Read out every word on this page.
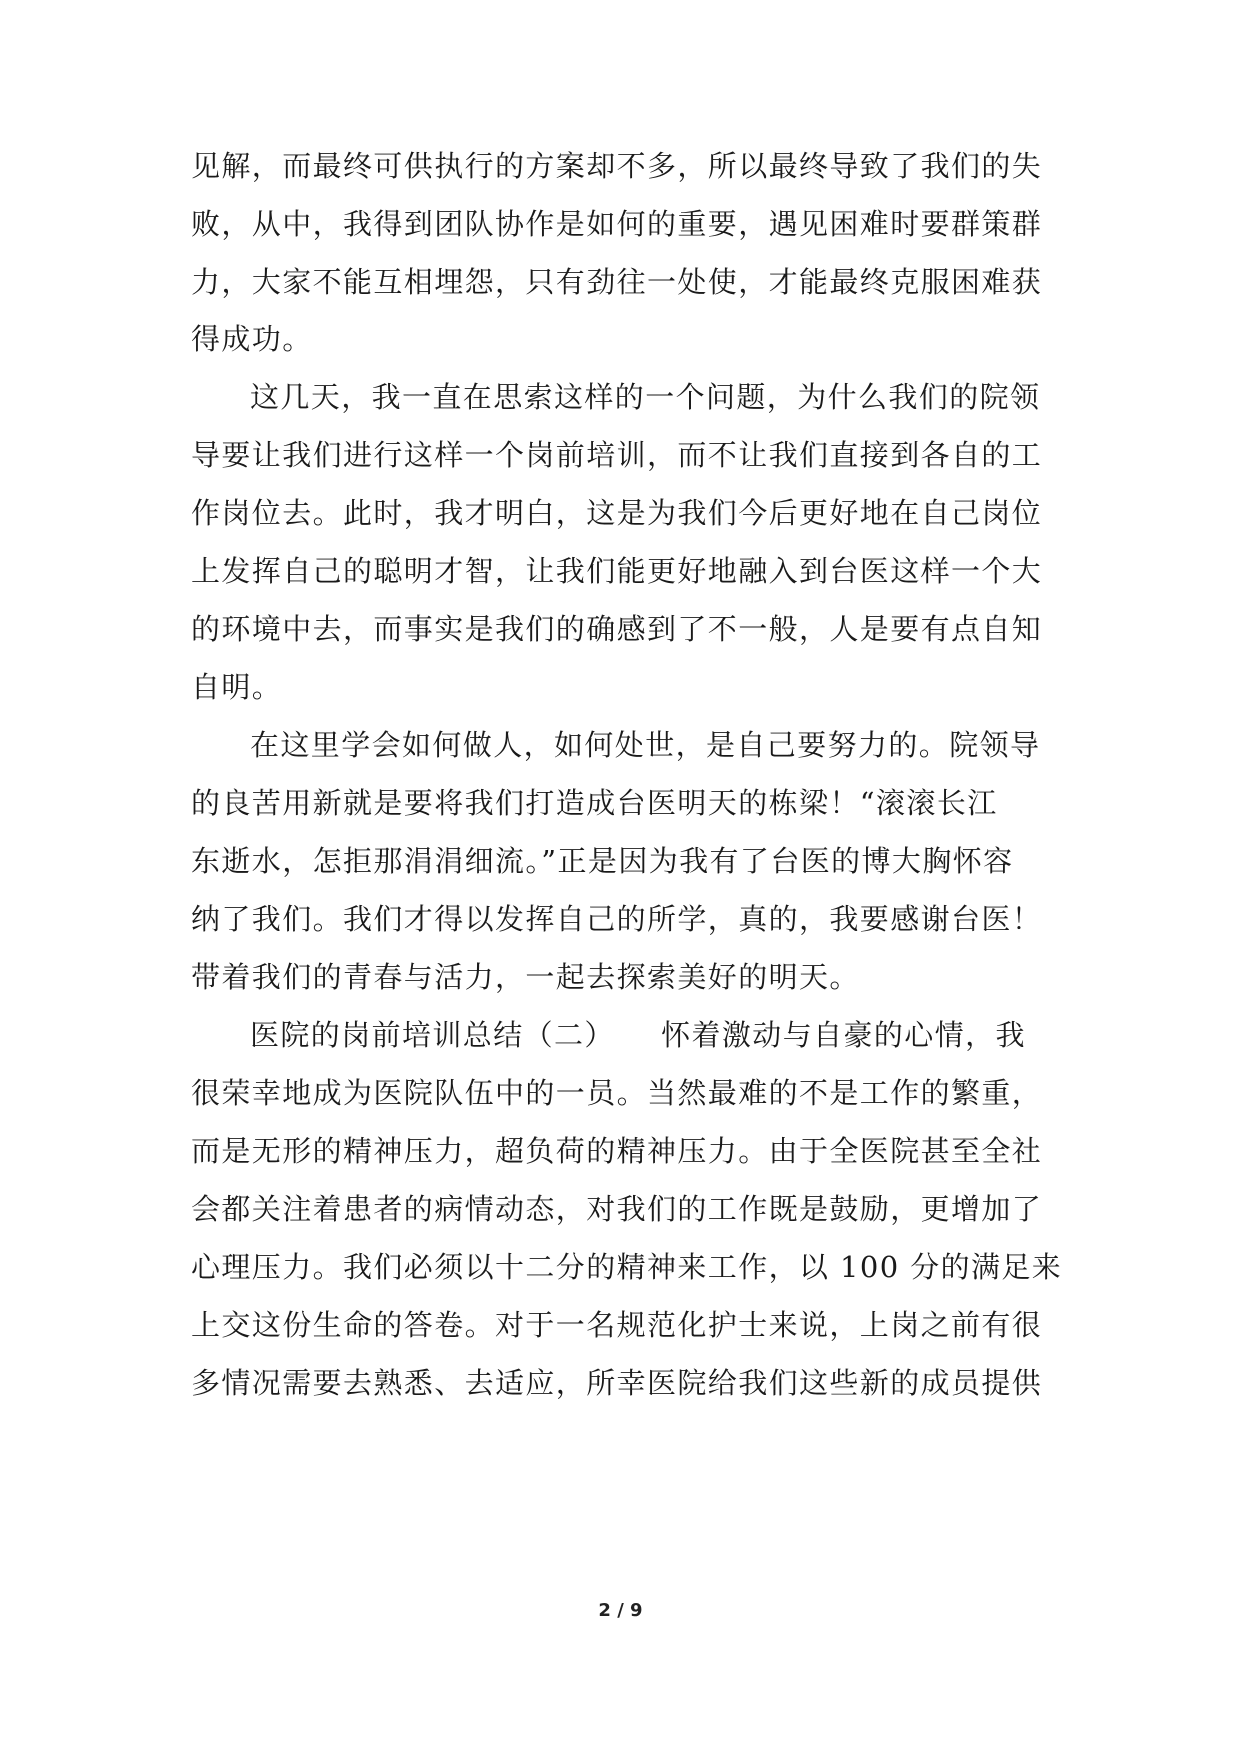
见解，而最终可供执行的方案却不多，所以最终导致了我们的失
败，从中，我得到团队协作是如何的重要，遇见困难时要群策群
力，大家不能互相埋怨，只有劲往一处使，才能最终克服困难获
得成功。
这几天，我一直在思索这样的一个问题，为什么我们的院领
导要让我们进行这样一个岗前培训，而不让我们直接到各自的工
作岗位去。此时，我才明白，这是为我们今后更好地在自己岗位
上发挥自己的聪明才智，让我们能更好地融入到台医这样一个大
的环境中去，而事实是我们的确感到了不一般，人是要有点自知
自明。
在这里学会如何做人，如何处世，是自己要努力的。院领导
的良苦用新就是要将我们打造成台医明天的栋梁！“滚滚长江
东逝水，怎拒那涓涓细流。”正是因为我有了台医的博大胸怀容
纳了我们。我们才得以发挥自己的所学，真的，我要感谢台医！
带着我们的青春与活力，一起去探索美好的明天。
医院的岗前培训总结（二）　　怀着激动与自豪的心情，我
很荣幸地成为医院队伍中的一员。当然最难的不是工作的繁重，
而是无形的精神压力，超负荷的精神压力。由于全医院甚至全社
会都关注着患者的病情动态，对我们的工作既是鼓励，更增加了
心理压力。我们必须以十二分的精神来工作，以 100 分的满足来
上交这份生命的答卷。对于一名规范化护士来说，上岗之前有很
多情况需要去熟悉、去适应，所幸医院给我们这些新的成员提供
2 / 9
